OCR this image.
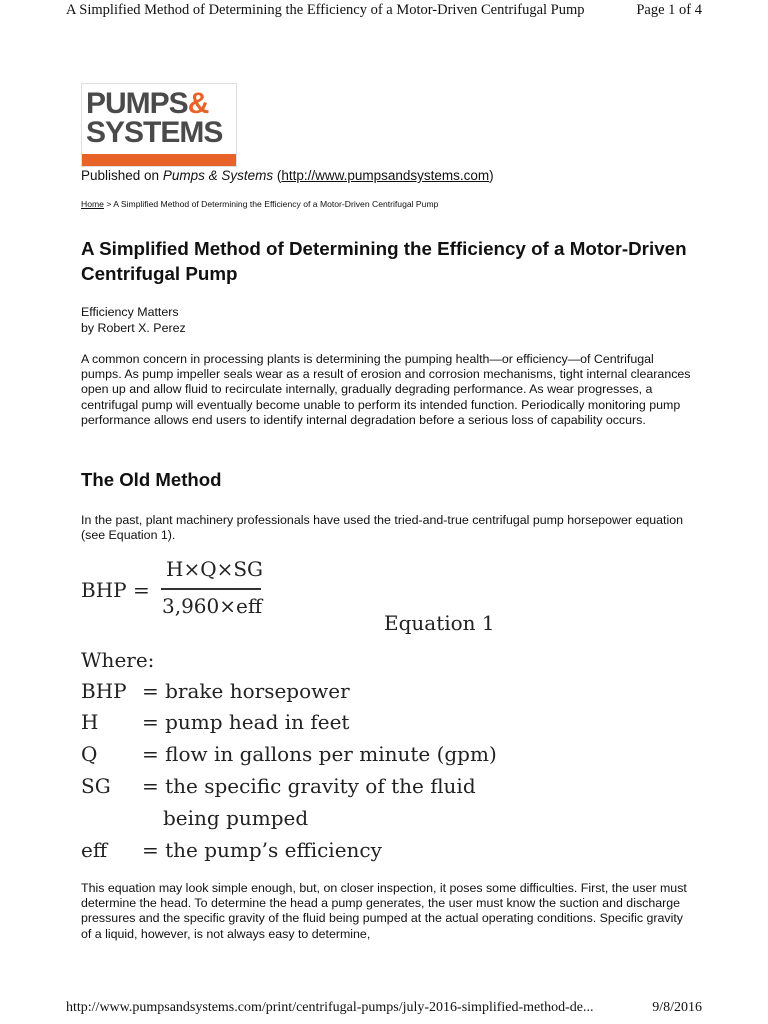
A Simplified Method of Determining the Efficiency of a Motor-Driven Centrifugal Pump	Page 1 of 4
PUMPS&
SYSTEMS
Published on Pumps & Systems (http://www.pumpsandsystems.com)
Home > A Simplified Method of Determining the Efficiency of a Motor-Driven Centrifugal Pump
A Simplified Method of Determining the Efficiency of a Motor-Driven Centrifugal Pump
Efficiency Matters
by Robert X. Perez
A common concern in processing plants is determining the pumping health—or efficiency—of Centrifugal pumps. As pump impeller seals wear as a result of erosion and corrosion mechanisms, tight internal clearances open up and allow fluid to recirculate internally, gradually degrading performance. As wear progresses, a centrifugal pump will eventually become unable to perform its intended function. Periodically monitoring pump performance allows end users to identify internal degradation before a serious loss of capability occurs.
The Old Method
In the past, plant machinery professionals have used the tried-and-true centrifugal pump horsepower equation (see Equation 1).
BHP =
H×Q×SG
3,960×eff
Equation 1
Where:
BHP = brake horsepower
H = pump head in feet
Q = flow in gallons per minute (gpm)
SG = the specific gravity of the fluid
being pumped
eff = the pump’s efficiency
This equation may look simple enough, but, on closer inspection, it poses some difficulties. First, the user must determine the head. To determine the head a pump generates, the user must know the suction and discharge pressures and the specific gravity of the fluid being pumped at the actual operating conditions. Specific gravity of a liquid, however, is not always easy to determine,
http://www.pumpsandsystems.com/print/centrifugal-pumps/july-2016-simplified-method-de...	9/8/2016
